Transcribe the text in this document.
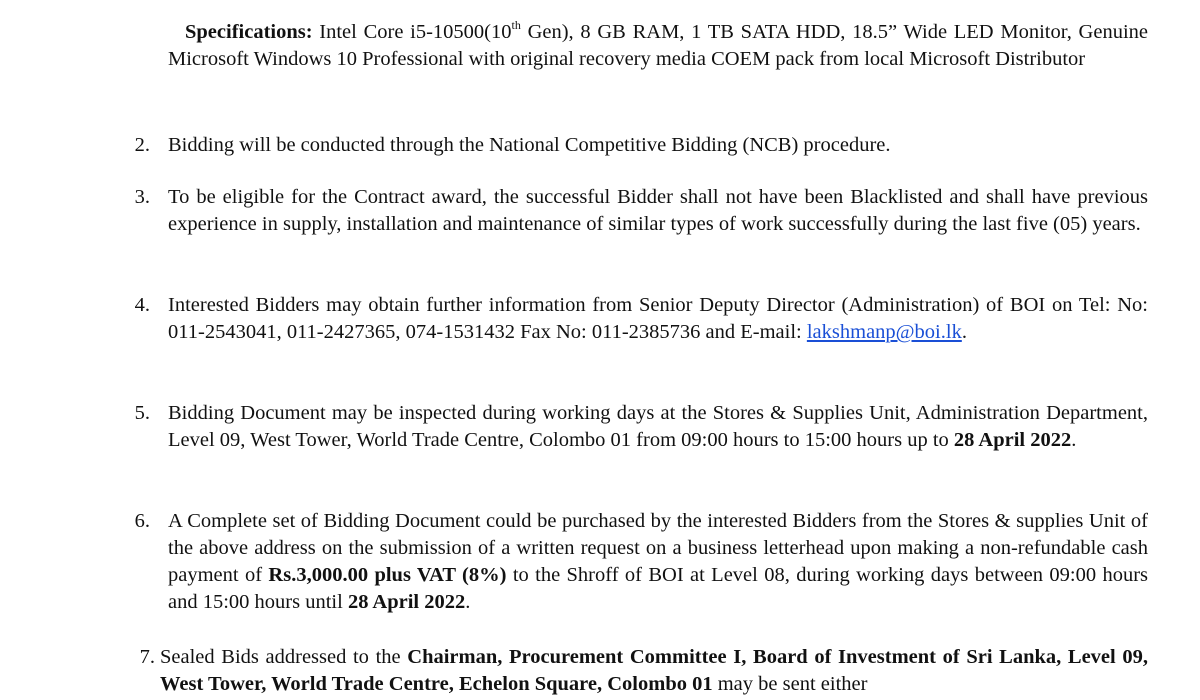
Specifications: Intel Core i5-10500(10th Gen), 8 GB RAM, 1 TB SATA HDD, 18.5” Wide LED Monitor, Genuine Microsoft Windows 10 Professional with original recovery media COEM pack from local Microsoft Distributor
2. Bidding will be conducted through the National Competitive Bidding (NCB) procedure.
3. To be eligible for the Contract award, the successful Bidder shall not have been Blacklisted and shall have previous experience in supply, installation and maintenance of similar types of work successfully during the last five (05) years.
4. Interested Bidders may obtain further information from Senior Deputy Director (Administration) of BOI on Tel: No: 011-2543041, 011-2427365, 074-1531432 Fax No: 011-2385736 and E-mail: lakshmanp@boi.lk.
5. Bidding Document may be inspected during working days at the Stores & Supplies Unit, Administration Department, Level 09, West Tower, World Trade Centre, Colombo 01 from 09:00 hours to 15:00 hours up to 28 April 2022.
6. A Complete set of Bidding Document could be purchased by the interested Bidders from the Stores & supplies Unit of the above address on the submission of a written request on a business letterhead upon making a non-refundable cash payment of Rs.3,000.00 plus VAT (8%) to the Shroff of BOI at Level 08, during working days between 09:00 hours and 15:00 hours until 28 April 2022.
7. Sealed Bids addressed to the Chairman, Procurement Committee I, Board of Investment of Sri Lanka, Level 09, West Tower, World Trade Centre, Echelon Square, Colombo 01 may be sent either
